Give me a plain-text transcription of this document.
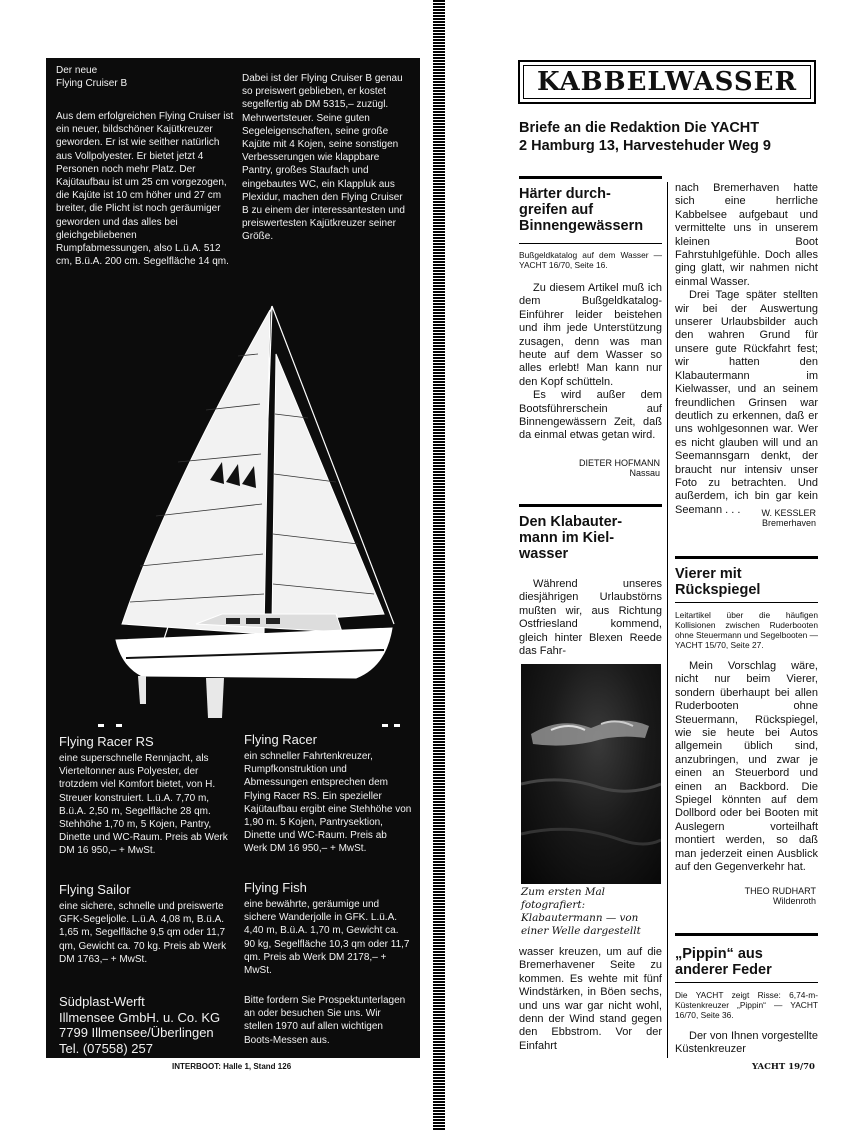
Der neue
Flying Cruiser B
Aus dem erfolgreichen Flying Cruiser ist ein neuer, bildschöner Kajütkreuzer geworden. Er ist wie seither natürlich aus Vollpolyester. Er bietet jetzt 4 Personen noch mehr Platz. Der Kajütaufbau ist um 25 cm vorgezogen, die Kajüte ist 10 cm höher und 27 cm breiter, die Plicht ist noch geräumiger geworden und das alles bei gleichgebliebenen Rumpfabmessungen, also L.ü.A. 512 cm, B.ü.A. 200 cm. Segelfläche 14 qm.
Dabei ist der Flying Cruiser B genau so preiswert geblieben, er kostet segelfertig ab DM 5315,– zuzügl. Mehrwertsteuer. Seine guten Segeleigenschaften, seine große Kajüte mit 4 Kojen, seine sonstigen Verbesserungen wie klappbare Pantry, großes Staufach und eingebautes WC, ein Klappluk aus Plexidur, machen den Flying Cruiser B zu einem der interessantesten und preiswertesten Kajütkreuzer seiner Größe.
Flying Racer RS
eine superschnelle Rennjacht, als Vierteltonner aus Polyester, der trotzdem viel Komfort bietet, von H. Streuer konstruiert. L.ü.A. 7,70 m, B.ü.A. 2,50 m, Segelfläche 28 qm. Stehhöhe 1,70 m, 5 Kojen, Pantry, Dinette und WC-Raum. Preis ab Werk DM 16 950,– + MwSt.
Flying Racer
ein schneller Fahrtenkreuzer, Rumpfkonstruktion und Abmessungen entsprechen dem Flying Racer RS. Ein spezieller Kajütaufbau ergibt eine Stehhöhe von 1,90 m. 5 Kojen, Pantrysektion, Dinette und WC-Raum. Preis ab Werk DM 16 950,– + MwSt.
Flying Sailor
eine sichere, schnelle und preiswerte GFK-Segeljolle. L.ü.A. 4,08 m, B.ü.A. 1,65 m, Segelfläche 9,5 qm oder 11,7 qm, Gewicht ca. 70 kg. Preis ab Werk DM 1763,– + MwSt.
Flying Fish
eine bewährte, geräumige und sichere Wanderjolle in GFK. L.ü.A. 4,40 m, B.ü.A. 1,70 m, Gewicht ca. 90 kg, Segelfläche 10,3 qm oder 11,7 qm. Preis ab Werk DM 2178,– + MwSt.
Südplast-Werft
Illmensee GmbH. u. Co. KG
7799 Illmensee/Überlingen
Tel. (07558) 257
Bitte fordern Sie Prospektunterlagen an oder besuchen Sie uns. Wir stellen 1970 auf allen wichtigen Boots-Messen aus.
INTERBOOT: Halle 1, Stand 126
KABBELWASSER
Briefe an die Redaktion Die YACHT
2 Hamburg 13, Harvestehuder Weg 9
Härter durch-
greifen auf
Binnengewässern
Bußgeldkatalog auf dem Wasser — YACHT 16/70, Seite 16.

Zu diesem Artikel muß ich dem Bußgeldkatalog-Einführer leider beistehen und ihm jede Unterstützung zusagen, denn was man heute auf dem Wasser so alles erlebt! Man kann nur den Kopf schütteln.

Es wird außer dem Bootsführerschein auf Binnengewässern Zeit, daß da einmal etwas getan wird.

DIETER HOFMANN
Nassau
Den Klabauter-
mann im Kiel-
wasser
Während unseres diesjährigen Urlaubstörns mußten wir, aus Richtung Ostfriesland kommend, gleich hinter Blexen Reede das Fahr-
Zum ersten Mal fotografiert: Klabautermann — von einer Welle dargestellt
wasser kreuzen, um auf die Bremerhavener Seite zu kommen. Es wehte mit fünf Windstärken, in Böen sechs, und uns war gar nicht wohl, denn der Wind stand gegen den Ebbstrom. Vor der Einfahrt

nach Bremerhaven hatte sich eine herrliche Kabbelsee aufgebaut und vermittelte uns in unserem kleinen Boot Fahrstuhlgefühle. Doch alles ging glatt, wir nahmen nicht einmal Wasser.

Drei Tage später stellten wir bei der Auswertung unserer Urlaubsbilder auch den wahren Grund für unsere gute Rückfahrt fest; wir hatten den Klabautermann im Kielwasser, und an seinem freundlichen Grinsen war deutlich zu erkennen, daß er uns wohlgesonnen war. Wer es nicht glauben will und an Seemannsgarn denkt, der braucht nur intensiv unser Foto zu betrachten. Und außerdem, ich bin gar kein Seemann . . .	W. KESSLER
Bremerhaven
Vierer mit
Rückspiegel
Leitartikel über die häufigen Kollisionen zwischen Ruderbooten ohne Steuermann und Segelbooten — YACHT 15/70, Seite 27.
Mein Vorschlag wäre, nicht nur beim Vierer, sondern überhaupt bei allen Ruderbooten ohne Steuermann, Rückspiegel, wie sie heute bei Autos allgemein üblich sind, anzubringen, und zwar je einen an Steuerbord und einen an Backbord. Die Spiegel könnten auf dem Dollbord oder bei Booten mit Auslegern vorteilhaft montiert werden, so daß man jederzeit einen Ausblick auf den Gegenverkehr hat.
THEO RUDHART
Wildenroth
„Pippin“ aus
anderer Feder
Die YACHT zeigt Risse: 6,74-m-Küstenkreuzer „Pippin“ — YACHT 16/70, Seite 36.
Der von Ihnen vorgestellte Küstenkreuzer
YACHT 19/70
